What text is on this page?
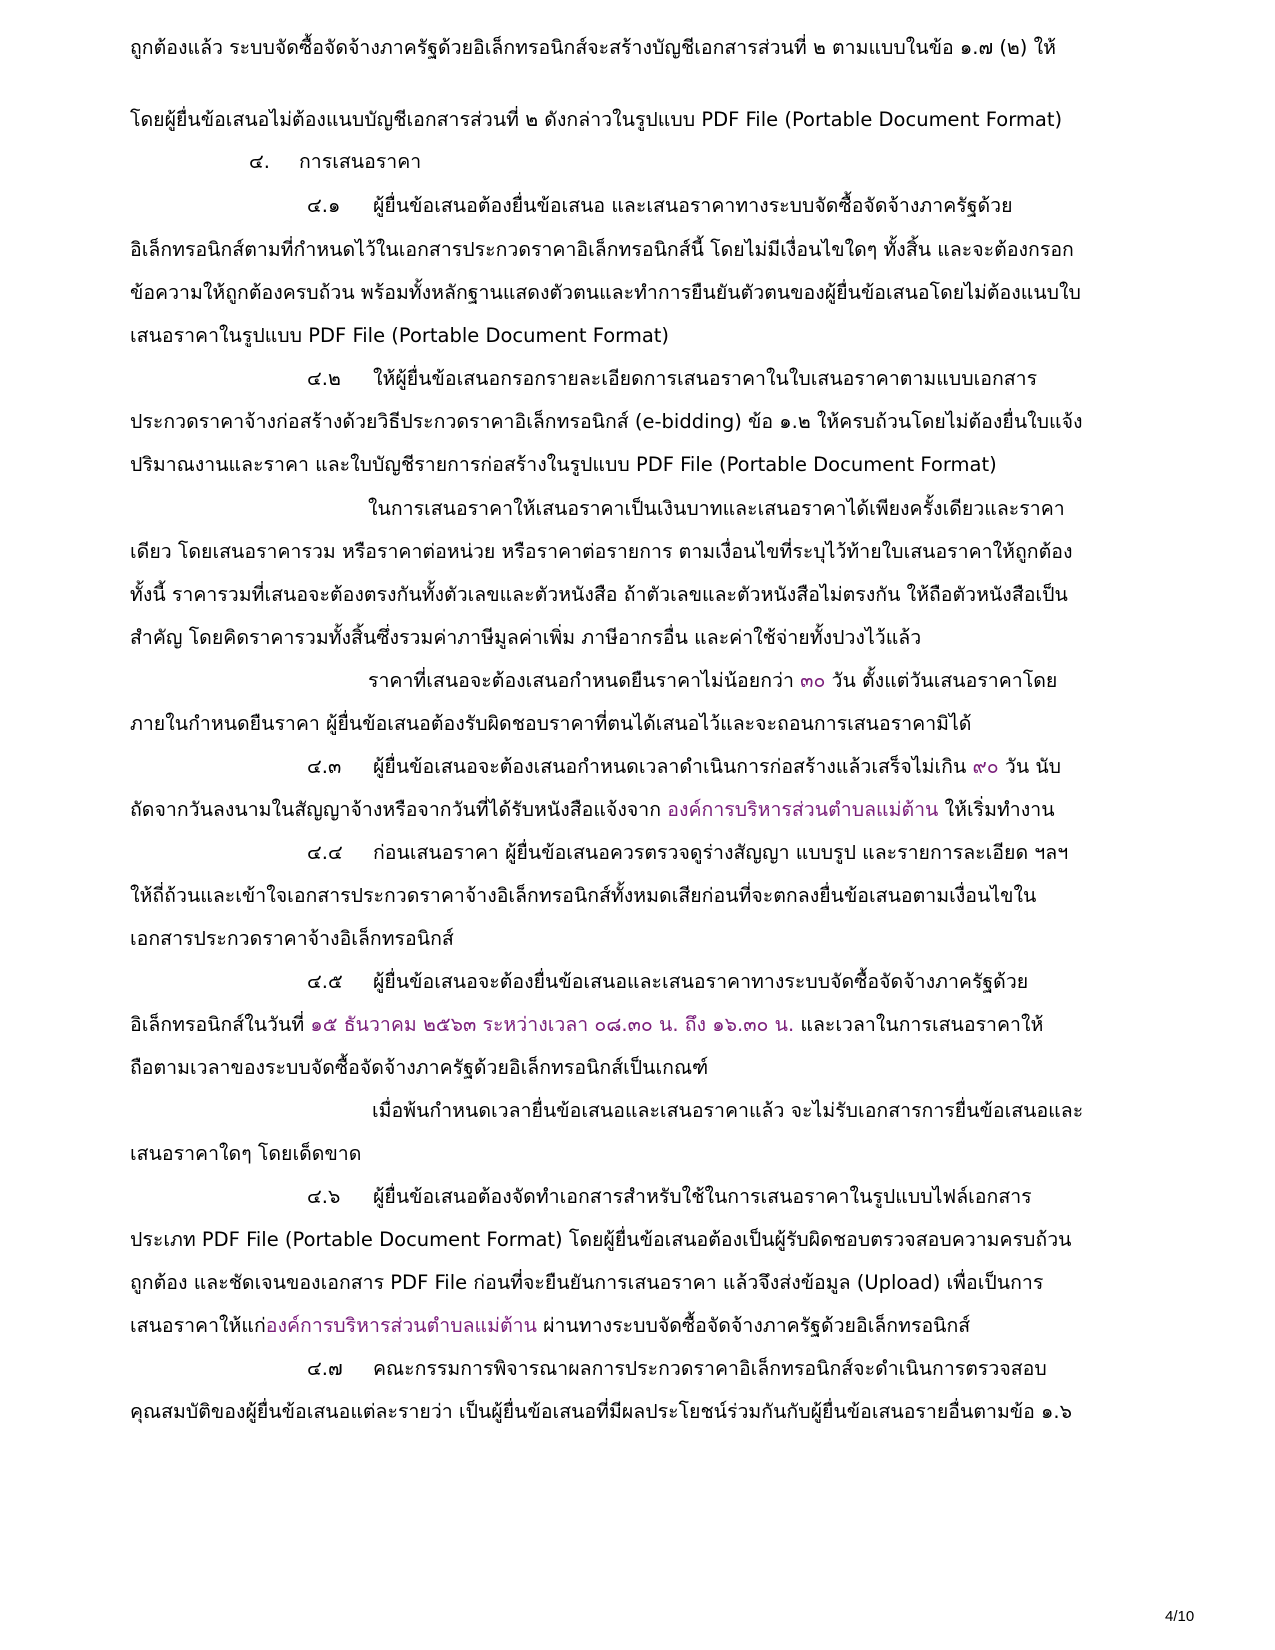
ถูกต้องแล้ว ระบบจัดซื้อจัดจ้างภาครัฐด้วยอิเล็กทรอนิกส์จะสร้างบัญชีเอกสารส่วนที่ ๒ ตามแบบในข้อ ๑.๗ (๒) ให้
โดยผู้ยื่นข้อเสนอไม่ต้องแนบบัญชีเอกสารส่วนที่ ๒ ดังกล่าวในรูปแบบ PDF File (Portable Document Format)
๔. การเสนอราคา
๔.๑ ผู้ยื่นข้อเสนอต้องยื่นข้อเสนอ และเสนอราคาทางระบบจัดซื้อจัดจ้างภาครัฐด้วย
อิเล็กทรอนิกส์ตามที่กำหนดไว้ในเอกสารประกวดราคาอิเล็กทรอนิกส์นี้ โดยไม่มีเงื่อนไขใดๆ ทั้งสิ้น และจะต้องกรอก
ข้อความให้ถูกต้องครบถ้วน พร้อมทั้งหลักฐานแสดงตัวตนและทำการยืนยันตัวตนของผู้ยื่นข้อเสนอโดยไม่ต้องแนบใบ
เสนอราคาในรูปแบบ PDF File (Portable Document Format)
๔.๒ ให้ผู้ยื่นข้อเสนอกรอกรายละเอียดการเสนอราคาในใบเสนอราคาตามแบบเอกสาร
ประกวดราคาจ้างก่อสร้างด้วยวิธีประกวดราคาอิเล็กทรอนิกส์ (e-bidding) ข้อ ๑.๒ ให้ครบถ้วนโดยไม่ต้องยื่นใบแจ้ง
ปริมาณงานและราคา และใบบัญชีรายการก่อสร้างในรูปแบบ PDF File (Portable Document Format)
ในการเสนอราคาให้เสนอราคาเป็นเงินบาทและเสนอราคาได้เพียงครั้งเดียวและราคา
เดียว โดยเสนอราคารวม หรือราคาต่อหน่วย หรือราคาต่อรายการ ตามเงื่อนไขที่ระบุไว้ท้ายใบเสนอราคาให้ถูกต้อง
ทั้งนี้ ราคารวมที่เสนอจะต้องตรงกันทั้งตัวเลขและตัวหนังสือ ถ้าตัวเลขและตัวหนังสือไม่ตรงกัน ให้ถือตัวหนังสือเป็น
สำคัญ โดยคิดราคารวมทั้งสิ้นซึ่งรวมค่าภาษีมูลค่าเพิ่ม ภาษีอากรอื่น และค่าใช้จ่ายทั้งปวงไว้แล้ว
ราคาที่เสนอจะต้องเสนอกำหนดยืนราคาไม่น้อยกว่า ๓๐ วัน ตั้งแต่วันเสนอราคาโดย
ภายในกำหนดยืนราคา ผู้ยื่นข้อเสนอต้องรับผิดชอบราคาที่ตนได้เสนอไว้และจะถอนการเสนอราคามิได้
๔.๓ ผู้ยื่นข้อเสนอจะต้องเสนอกำหนดเวลาดำเนินการก่อสร้างแล้วเสร็จไม่เกิน ๙๐ วัน นับ
ถัดจากวันลงนามในสัญญาจ้างหรือจากวันที่ได้รับหนังสือแจ้งจาก องค์การบริหารส่วนตำบลแม่ต้าน ให้เริ่มทำงาน
๔.๔ ก่อนเสนอราคา ผู้ยื่นข้อเสนอควรตรวจดูร่างสัญญา แบบรูป และรายการละเอียด ฯลฯ
ให้ถี่ถ้วนและเข้าใจเอกสารประกวดราคาจ้างอิเล็กทรอนิกส์ทั้งหมดเสียก่อนที่จะตกลงยื่นข้อเสนอตามเงื่อนไขใน
เอกสารประกวดราคาจ้างอิเล็กทรอนิกส์
๔.๕ ผู้ยื่นข้อเสนอจะต้องยื่นข้อเสนอและเสนอราคาทางระบบจัดซื้อจัดจ้างภาครัฐด้วย
อิเล็กทรอนิกส์ในวันที่ ๑๕ ธันวาคม ๒๕๖๓ ระหว่างเวลา ๐๘.๓๐ น. ถึง ๑๖.๓๐ น. และเวลาในการเสนอราคาให้
ถือตามเวลาของระบบจัดซื้อจัดจ้างภาครัฐด้วยอิเล็กทรอนิกส์เป็นเกณฑ์
เมื่อพ้นกำหนดเวลายื่นข้อเสนอและเสนอราคาแล้ว จะไม่รับเอกสารการยื่นข้อเสนอและ
เสนอราคาใดๆ โดยเด็ดขาด
๔.๖ ผู้ยื่นข้อเสนอต้องจัดทำเอกสารสำหรับใช้ในการเสนอราคาในรูปแบบไฟล์เอกสาร
ประเภท PDF File (Portable Document Format) โดยผู้ยื่นข้อเสนอต้องเป็นผู้รับผิดชอบตรวจสอบความครบถ้วน
ถูกต้อง และชัดเจนของเอกสาร PDF File ก่อนที่จะยืนยันการเสนอราคา แล้วจึงส่งข้อมูล (Upload) เพื่อเป็นการ
เสนอราคาให้แก่องค์การบริหารส่วนตำบลแม่ต้าน ผ่านทางระบบจัดซื้อจัดจ้างภาครัฐด้วยอิเล็กทรอนิกส์
๔.๗ คณะกรรมการพิจารณาผลการประกวดราคาอิเล็กทรอนิกส์จะดำเนินการตรวจสอบ
คุณสมบัติของผู้ยื่นข้อเสนอแต่ละรายว่า เป็นผู้ยื่นข้อเสนอที่มีผลประโยชน์ร่วมกันกับผู้ยื่นข้อเสนอรายอื่นตามข้อ ๑.๖
4/10
